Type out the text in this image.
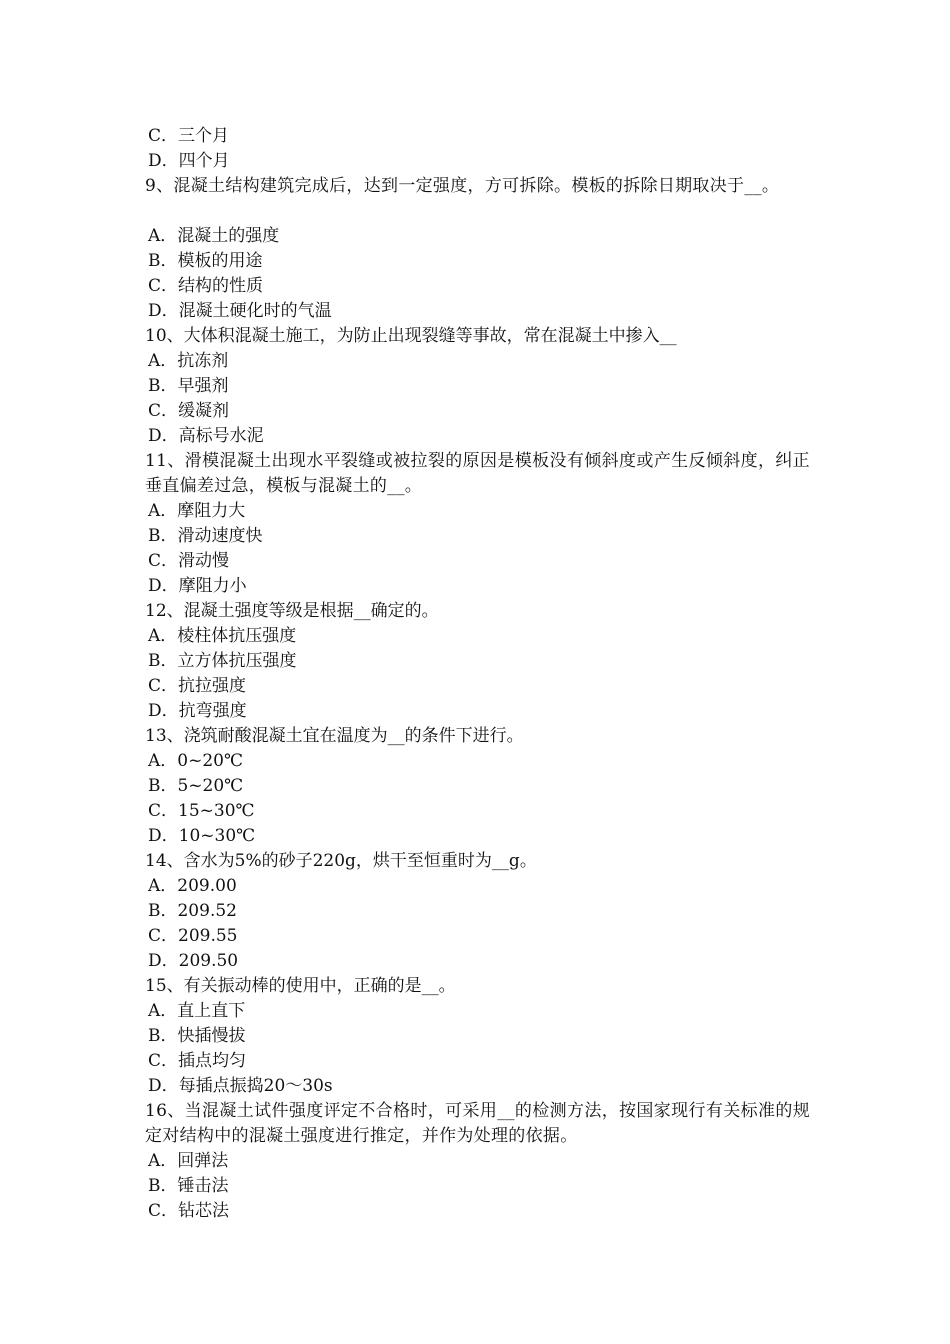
C．三个月
D．四个月
9、混凝土结构建筑完成后，达到一定强度，方可拆除。模板的拆除日期取决于__。
A．混凝土的强度
B．模板的用途
C．结构的性质
D．混凝土硬化时的气温
10、大体积混凝土施工，为防止出现裂缝等事故，常在混凝土中掺入__
A．抗冻剂
B．早强剂
C．缓凝剂
D．高标号水泥
11、滑模混凝土出现水平裂缝或被拉裂的原因是模板没有倾斜度或产生反倾斜度，纠正垂直偏差过急，模板与混凝土的__。
A．摩阻力大
B．滑动速度快
C．滑动慢
D．摩阻力小
12、混凝土强度等级是根据__确定的。
A．棱柱体抗压强度
B．立方体抗压强度
C．抗拉强度
D．抗弯强度
13、浇筑耐酸混凝土宜在温度为__的条件下进行。
A．0~20℃
B．5~20℃
C．15~30℃
D．10~30℃
14、含水为5%的砂子220g，烘干至恒重时为__g。
A．209.00
B．209.52
C．209.55
D．209.50
15、有关振动棒的使用中，正确的是__。
A．直上直下
B．快插慢拔
C．插点均匀
D．每插点振捣20～30s
16、当混凝土试件强度评定不合格时，可采用__的检测方法，按国家现行有关标准的规定对结构中的混凝土强度进行推定，并作为处理的依据。
A．回弹法
B．锤击法
C．钻芯法
